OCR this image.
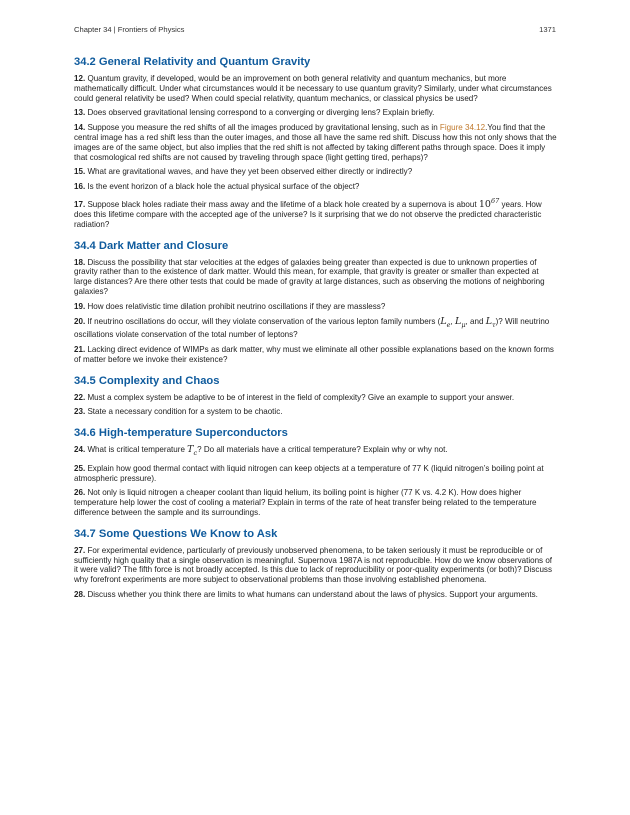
Chapter 34 | Frontiers of Physics	1371
34.2 General Relativity and Quantum Gravity

12. Quantum gravity, if developed, would be an improvement on both general relativity and quantum mechanics, but more mathematically difficult. Under what circumstances would it be necessary to use quantum gravity? Similarly, under what circumstances could general relativity be used? When could special relativity, quantum mechanics, or classical physics be used?

13. Does observed gravitational lensing correspond to a converging or diverging lens? Explain briefly.

14. Suppose you measure the red shifts of all the images produced by gravitational lensing, such as in Figure 34.12.You find that the central image has a red shift less than the outer images, and those all have the same red shift. Discuss how this not only shows that the images are of the same object, but also implies that the red shift is not affected by taking different paths through space. Does it imply that cosmological red shifts are not caused by traveling through space (light getting tired, perhaps)?

15. What are gravitational waves, and have they yet been observed either directly or indirectly?

16. Is the event horizon of a black hole the actual physical surface of the object?

17. Suppose black holes radiate their mass away and the lifetime of a black hole created by a supernova is about $10^{67}$ years. How does this lifetime compare with the accepted age of the universe? Is it surprising that we do not observe the predicted characteristic radiation?

34.4 Dark Matter and Closure

18. Discuss the possibility that star velocities at the edges of galaxies being greater than expected is due to unknown properties of gravity rather than to the existence of dark matter. Would this mean, for example, that gravity is greater or smaller than expected at large distances? Are there other tests that could be made of gravity at large distances, such as observing the motions of neighboring galaxies?

19. How does relativistic time dilation prohibit neutrino oscillations if they are massless?

20. If neutrino oscillations do occur, will they violate conservation of the various lepton family numbers ($L_e$, $L_\mu$, and $L_\tau$)? Will neutrino oscillations violate conservation of the total number of leptons?

21. Lacking direct evidence of WIMPs as dark matter, why must we eliminate all other possible explanations based on the known forms of matter before we invoke their existence?

34.5 Complexity and Chaos

22. Must a complex system be adaptive to be of interest in the field of complexity? Give an example to support your answer.

23. State a necessary condition for a system to be chaotic.

34.6 High-temperature Superconductors

24. What is critical temperature $T_c$? Do all materials have a critical temperature? Explain why or why not.

25. Explain how good thermal contact with liquid nitrogen can keep objects at a temperature of 77 K (liquid nitrogen’s boiling point at atmospheric pressure).

26. Not only is liquid nitrogen a cheaper coolant than liquid helium, its boiling point is higher (77 K vs. 4.2 K). How does higher temperature help lower the cost of cooling a material? Explain in terms of the rate of heat transfer being related to the temperature difference between the sample and its surroundings.

34.7 Some Questions We Know to Ask

27. For experimental evidence, particularly of previously unobserved phenomena, to be taken seriously it must be reproducible or of sufficiently high quality that a single observation is meaningful. Supernova 1987A is not reproducible. How do we know observations of it were valid? The fifth force is not broadly accepted. Is this due to lack of reproducibility or poor-quality experiments (or both)? Discuss why forefront experiments are more subject to observational problems than those involving established phenomena.

28. Discuss whether you think there are limits to what humans can understand about the laws of physics. Support your arguments.
